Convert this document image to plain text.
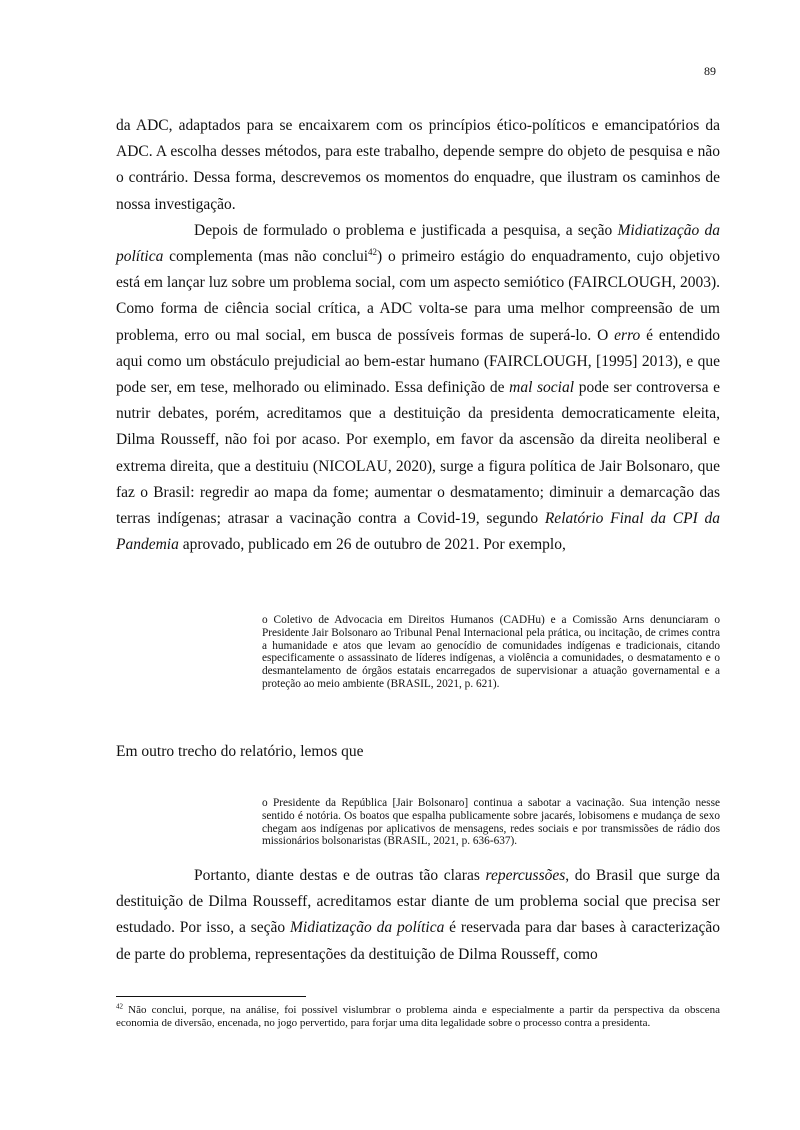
89

da ADC, adaptados para se encaixarem com os princípios ético-políticos e emancipatórios da ADC. A escolha desses métodos, para este trabalho, depende sempre do objeto de pesquisa e não o contrário. Dessa forma, descrevemos os momentos do enquadre, que ilustram os caminhos de nossa investigação.

Depois de formulado o problema e justificada a pesquisa, a seção Midiatização da política complementa (mas não conclui$^{42}$) o primeiro estágio do enquadramento, cujo objetivo está em lançar luz sobre um problema social, com um aspecto semiótico (FAIRCLOUGH, 2003). Como forma de ciência social crítica, a ADC volta-se para uma melhor compreensão de um problema, erro ou mal social, em busca de possíveis formas de superá-lo. O erro é entendido aqui como um obstáculo prejudicial ao bem-estar humano (FAIRCLOUGH, [1995] 2013), e que pode ser, em tese, melhorado ou eliminado. Essa definição de mal social pode ser controversa e nutrir debates, porém, acreditamos que a destituição da presidenta democraticamente eleita, Dilma Rousseff, não foi por acaso. Por exemplo, em favor da ascensão da direita neoliberal e extrema direita, que a destituiu (NICOLAU, 2020), surge a figura política de Jair Bolsonaro, que faz o Brasil: regredir ao mapa da fome; aumentar o desmatamento; diminuir a demarcação das terras indígenas; atrasar a vacinação contra a Covid-19, segundo Relatório Final da CPI da Pandemia aprovado, publicado em 26 de outubro de 2021. Por exemplo,

o Coletivo de Advocacia em Direitos Humanos (CADHu) e a Comissão Arns denunciaram o Presidente Jair Bolsonaro ao Tribunal Penal Internacional pela prática, ou incitação, de crimes contra a humanidade e atos que levam ao genocídio de comunidades indígenas e tradicionais, citando especificamente o assassinato de líderes indígenas, a violência a comunidades, o desmatamento e o desmantelamento de órgãos estatais encarregados de supervisionar a atuação governamental e a proteção ao meio ambiente (BRASIL, 2021, p. 621).
Em outro trecho do relatório, lemos que
o Presidente da República [Jair Bolsonaro] continua a sabotar a vacinação. Sua intenção nesse sentido é notória. Os boatos que espalha publicamente sobre jacarés, lobisomens e mudança de sexo chegam aos indígenas por aplicativos de mensagens, redes sociais e por transmissões de rádio dos missionários bolsonaristas (BRASIL, 2021, p. 636-637).

Portanto, diante destas e de outras tão claras repercussões, do Brasil que surge da destituição de Dilma Rousseff, acreditamos estar diante de um problema social que precisa ser estudado. Por isso, a seção Midiatização da política é reservada para dar bases à caracterização de parte do problema, representações da destituição de Dilma Rousseff, como

$^{42}$ Não conclui, porque, na análise, foi possível vislumbrar o problema ainda e especialmente a partir da perspectiva da obscena economia de diversão, encenada, no jogo pervertido, para forjar uma dita legalidade sobre o processo contra a presidenta.
